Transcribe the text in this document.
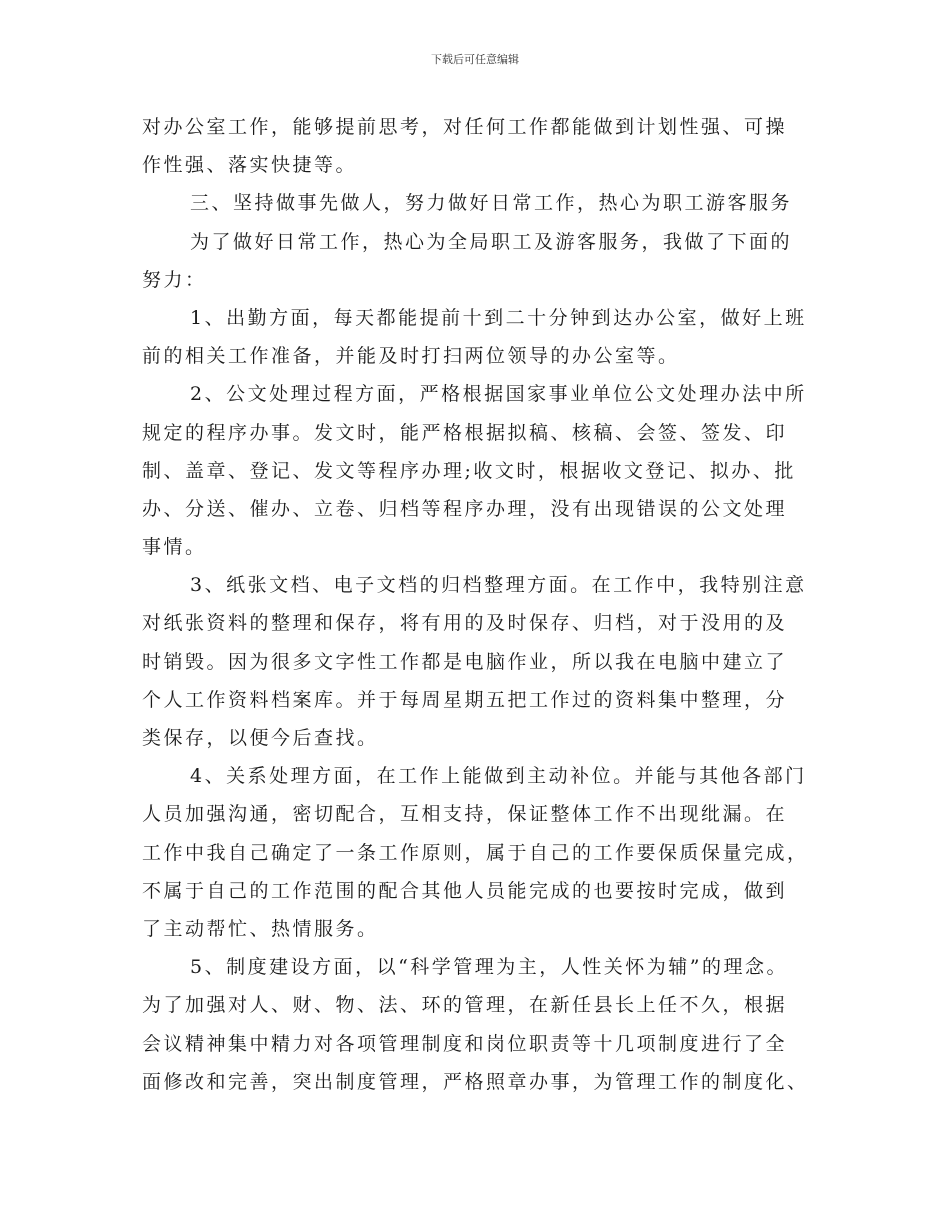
下载后可任意编辑
对办公室工作，能够提前思考，对任何工作都能做到计划性强、可操
作性强、落实快捷等。
三、坚持做事先做人，努力做好日常工作，热心为职工游客服务
为了做好日常工作，热心为全局职工及游客服务，我做了下面的
努力：
1、出勤方面，每天都能提前十到二十分钟到达办公室，做好上班
前的相关工作准备，并能及时打扫两位领导的办公室等。
2、公文处理过程方面，严格根据国家事业单位公文处理办法中所
规定的程序办事。发文时，能严格根据拟稿、核稿、会签、签发、印
制、盖章、登记、发文等程序办理;收文时，根据收文登记、拟办、批
办、分送、催办、立卷、归档等程序办理，没有出现错误的公文处理
事情。
3、纸张文档、电子文档的归档整理方面。在工作中，我特别注意
对纸张资料的整理和保存，将有用的及时保存、归档，对于没用的及
时销毁。因为很多文字性工作都是电脑作业，所以我在电脑中建立了
个人工作资料档案库。并于每周星期五把工作过的资料集中整理，分
类保存，以便今后查找。
4、关系处理方面，在工作上能做到主动补位。并能与其他各部门
人员加强沟通，密切配合，互相支持，保证整体工作不出现纰漏。在
工作中我自己确定了一条工作原则，属于自己的工作要保质保量完成，
不属于自己的工作范围的配合其他人员能完成的也要按时完成，做到
了主动帮忙、热情服务。
5、制度建设方面，以“科学管理为主，人性关怀为辅”的理念。
为了加强对人、财、物、法、环的管理，在新任县长上任不久，根据
会议精神集中精力对各项管理制度和岗位职责等十几项制度进行了全
面修改和完善，突出制度管理，严格照章办事，为管理工作的制度化、
